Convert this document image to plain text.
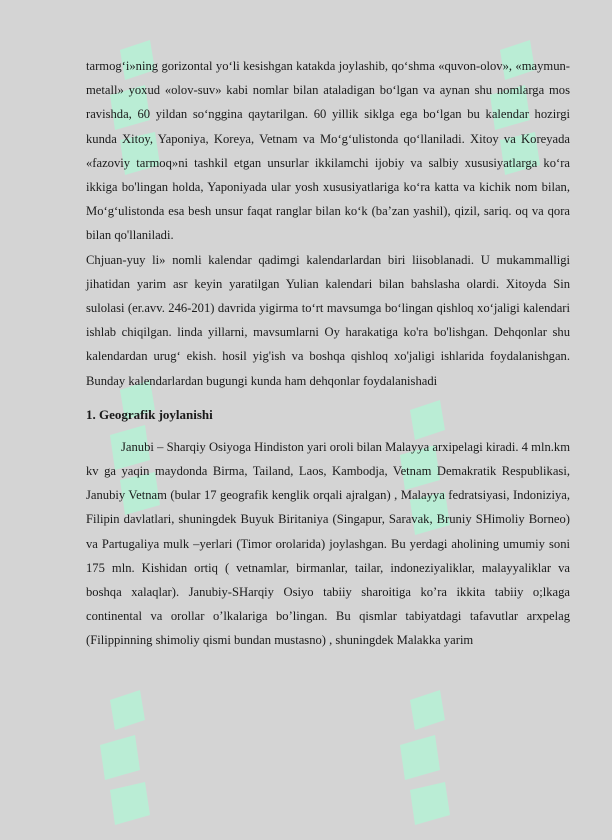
tarmog‘i»ning gorizontal yo‘li kesishgan katakda joylashib, qo‘shma «quvon-olov», «maymun-metall» yoxud «olov-suv» kabi nomlar bilan ataladigan bo‘lgan va aynan shu nomlarga mos ravishda, 60 yildan so‘nggina qaytarilgan. 60 yillik siklga ega bo‘lgan bu kalendar hozirgi kunda Xitoy, Yaponiya, Koreya, Vetnam va Mo‘g‘ulistonda qo‘llaniladi. Xitoy va Koreyada «fazoviy tarmoq»ni tashkil etgan unsurlar ikkilamchi ijobiy va salbiy xususiyatlarga ko‘ra ikkiga bo'lingan holda, Yaponiyada ular yosh xususiyatlariga ko‘ra katta va kichik nom bilan, Mo‘g‘ulistonda esa besh unsur faqat ranglar bilan ko‘k (ba’zan yashil), qizil, sariq. oq va qora bilan qo'llaniladi.

Chjuan-yuy li» nomli kalendar qadimgi kalendarlardan biri liisoblanadi. U mukammalligi jihatidan yarim asr keyin yaratilgan Yulian kalendari bilan bahslasha olardi. Xitoyda Sin sulolasi (er.avv. 246-201) davrida yigirma to‘rt mavsumga bo‘lingan qishloq xo‘jaligi kalendari ishlab chiqilgan. linda yillarni, mavsumlarni Oy harakatiga ko'ra bo'lishgan. Dehqonlar shu kalendardan urug‘ ekish. hosil yig'ish va boshqa qishloq xo'jaligi ishlarida foydalanishgan. Bunday kalendarlardan bugungi kunda ham dehqonlar foydalanishadi

1. Geografik joylanishi

Janubi – Sharqiy Osiyoga Hindiston yari oroli bilan Malayya arxipelagi kiradi. 4 mln.km kv ga yaqin maydonda Birma, Tailand, Laos, Kambodja, Vetnam Demakratik Respublikasi, Janubiy Vetnam (bular 17 geografik kenglik orqali ajralgan) , Malayya fedratsiyasi, Indoniziya, Filipin davlatlari, shuningdek Buyuk Biritaniya (Singapur, Saravak, Bruniy SHimoliy Borneo) va Partugaliya mulk –yerlari (Timor orolarida) joylashgan. Bu yerdagi aholining umumiy soni 175 mln. Kishidan ortiq ( vetnamlar, birmanlar, tailar, indoneziyaliklar, malayyaliklar va boshqa xalaqlar). Janubiy-SHarqiy Osiyo tabiiy sharoitiga ko’ra ikkita tabiiy o;lkaga continental va orollar o’lkalariga bo’lingan. Bu qismlar tabiyatdagi tafavutlar arxpelag (Filippinning shimoliy qismi bundan mustasno) , shuningdek Malakka yarim
